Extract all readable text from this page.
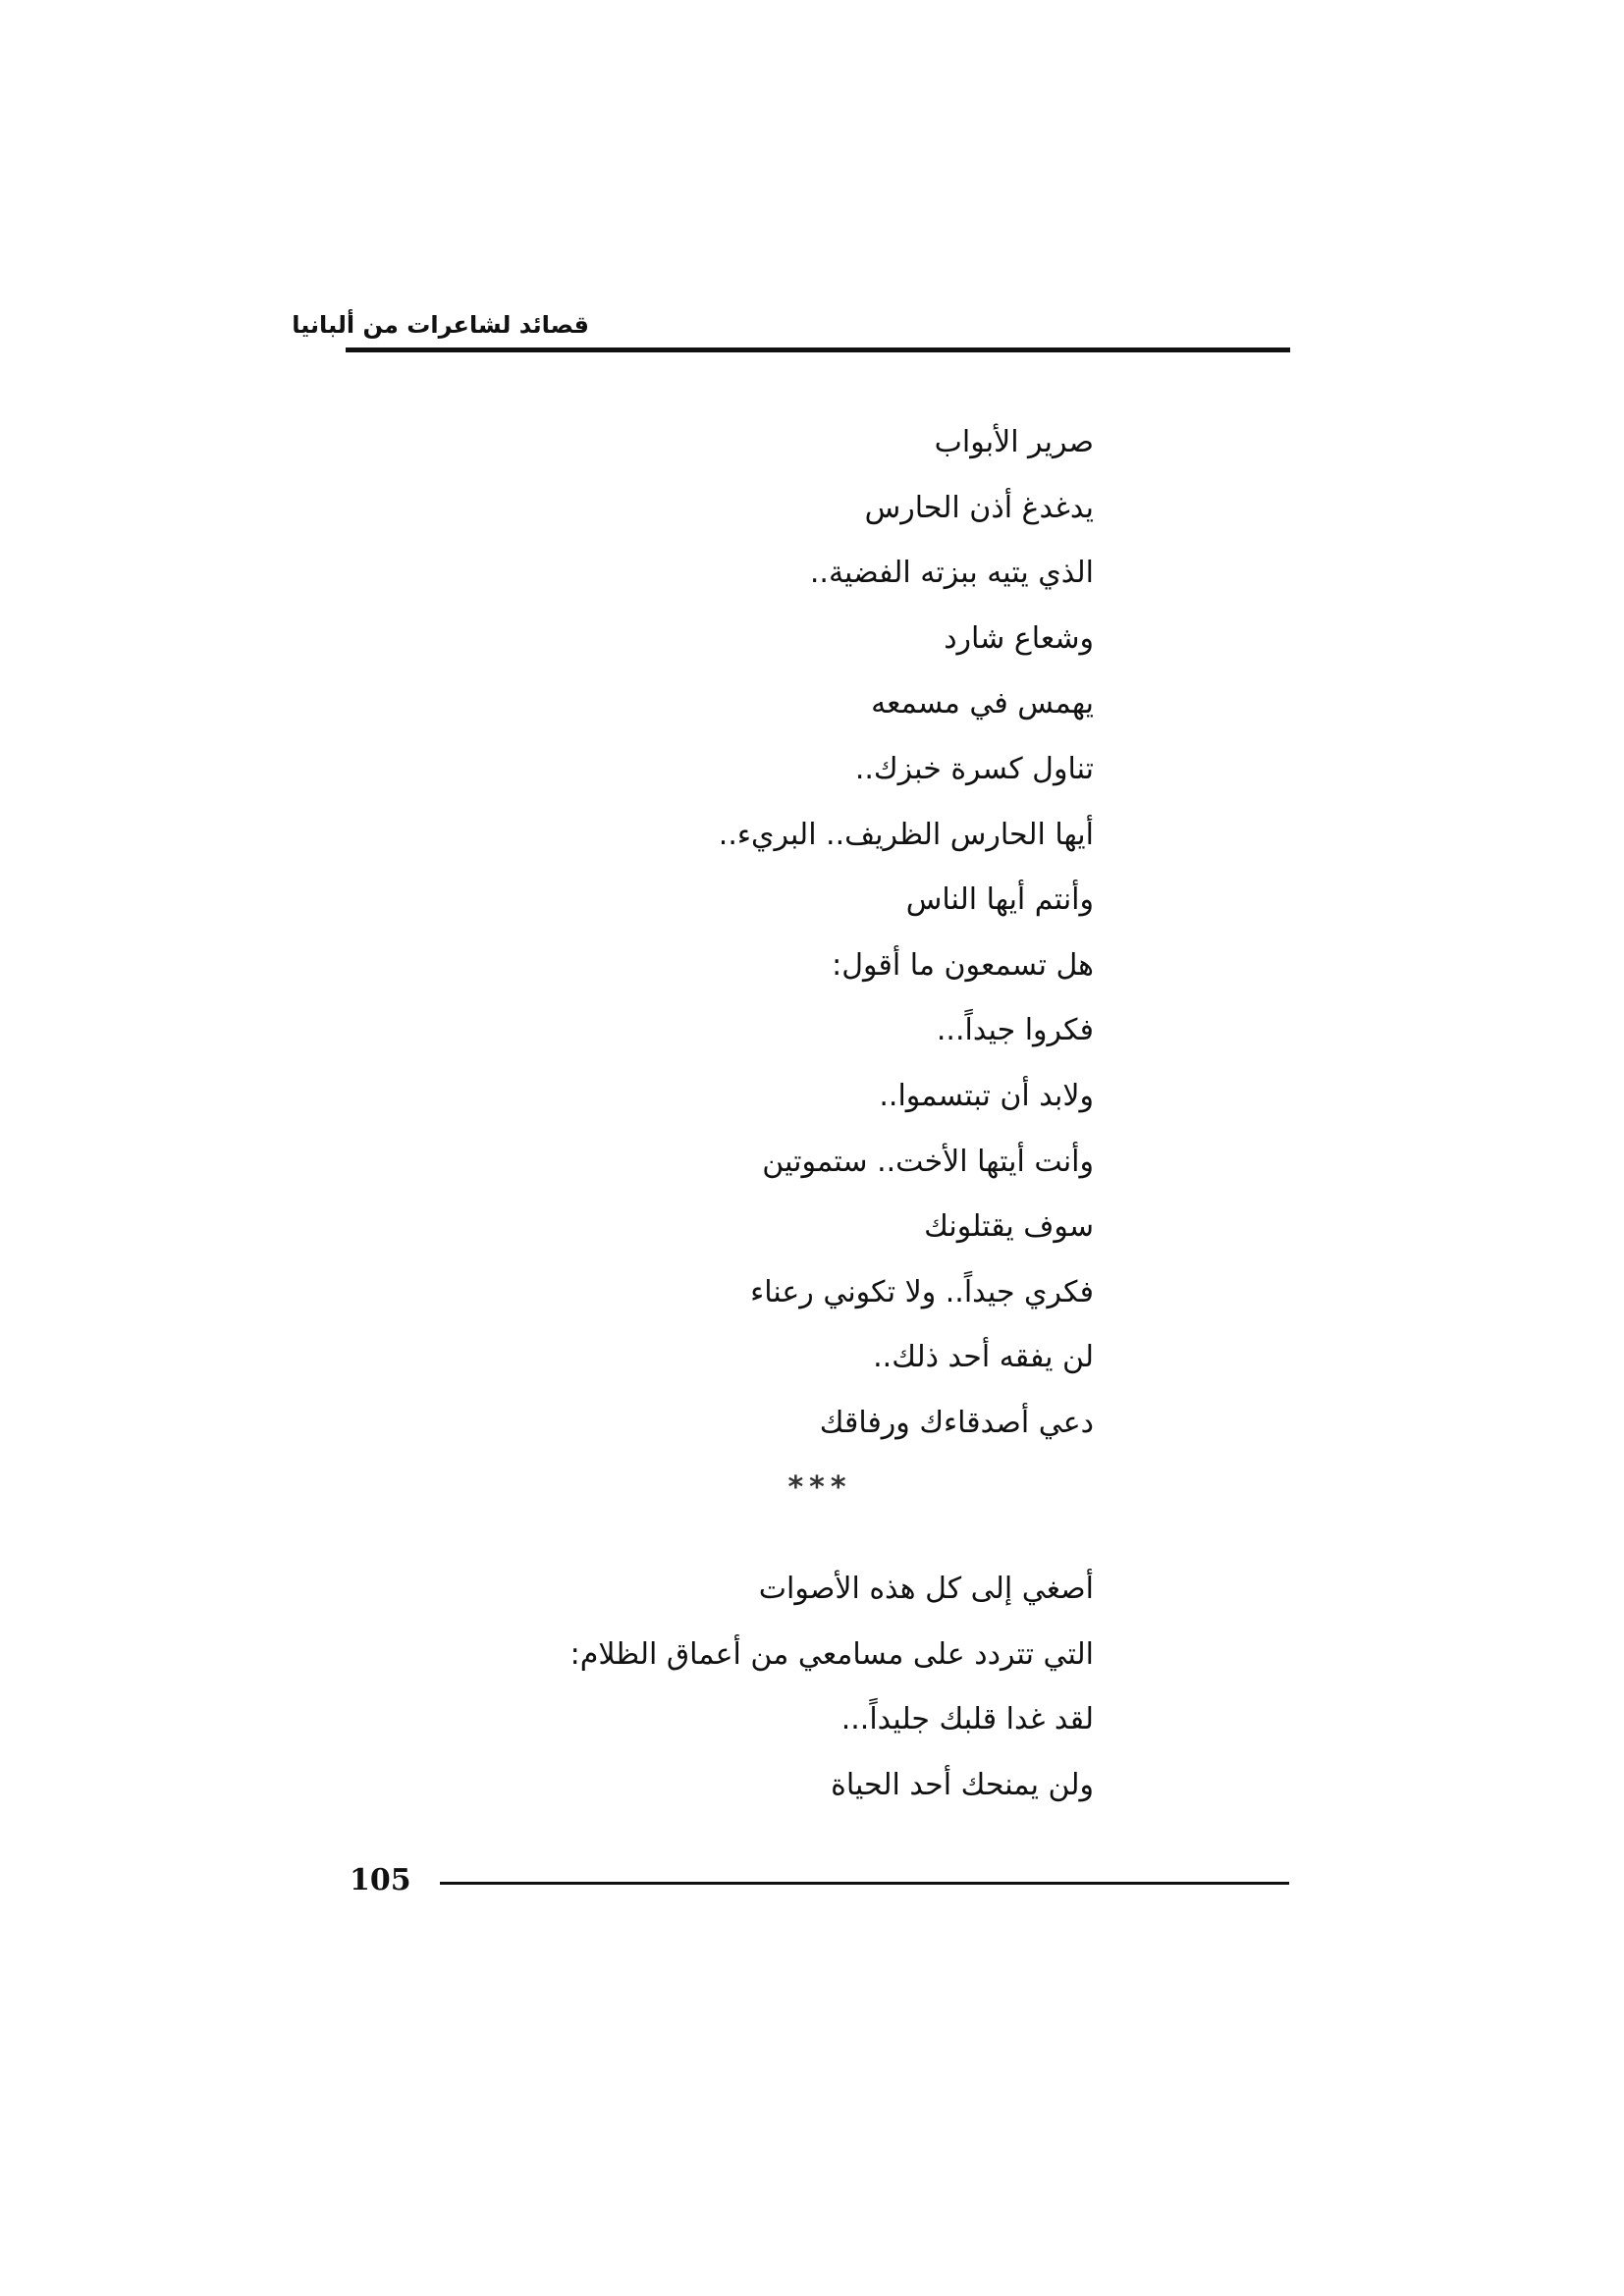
قصائد لشاعرات من ألبانيا
صرير الأبواب
يدغدغ أذن الحارس
الذي يتيه ببزته الفضية..
وشعاع شارد
يهمس في مسمعه
تناول كسرة خبزك..
أيها الحارس الظريف.. البريء..
وأنتم أيها الناس
هل تسمعون ما أقول:
فكروا جيداً...
ولابد أن تبتسموا..
وأنت أيتها الأخت.. ستموتين
سوف يقتلونك
فكري جيداً.. ولا تكوني رعناء
لن يفقه أحد ذلك..
دعي أصدقاءك ورفاقك
***
أصغي إلى كل هذه الأصوات
التي تتردد على مسامعي من أعماق الظلام:
لقد غدا قلبك جليداً...
ولن يمنحك أحد الحياة
105
